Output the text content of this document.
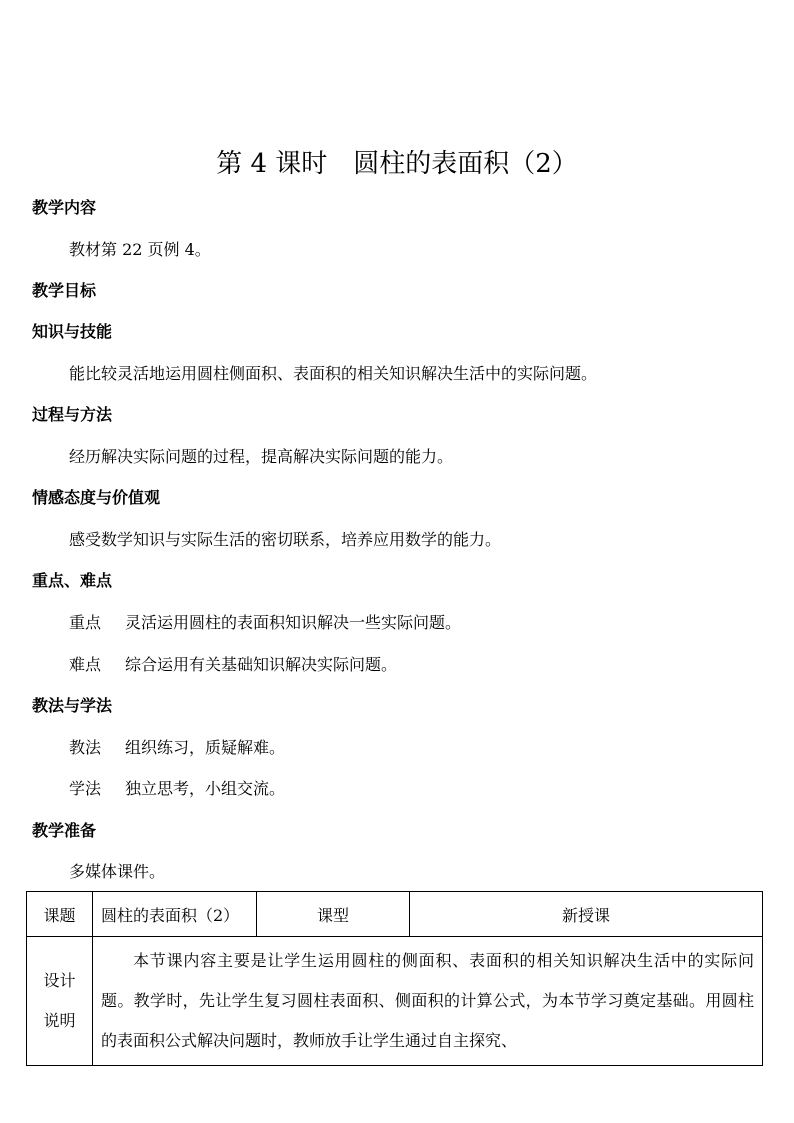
第 4 课时 圆柱的表面积（2）
教学内容
教材第 22 页例 4。
教学目标
知识与技能
能比较灵活地运用圆柱侧面积、表面积的相关知识解决生活中的实际问题。
过程与方法
经历解决实际问题的过程，提高解决实际问题的能力。
情感态度与价值观
感受数学知识与实际生活的密切联系，培养应用数学的能力。
重点、难点
重点 灵活运用圆柱的表面积知识解决一些实际问题。
难点 综合运用有关基础知识解决实际问题。
教法与学法
教法 组织练习，质疑解难。
学法 独立思考，小组交流。
教学准备
多媒体课件。
课题	圆柱的表面积（2）	课型	新授课

设计
说明	本节课内容主要是让学生运用圆柱的侧面积、表面积的相关知识解决生活中的实际问题。教学时，先让学生复习圆柱表面积、侧面积的计算公式，为本节学习奠定基础。用圆柱的表面积公式解决问题时，教师放手让学生通过自主探究、		
